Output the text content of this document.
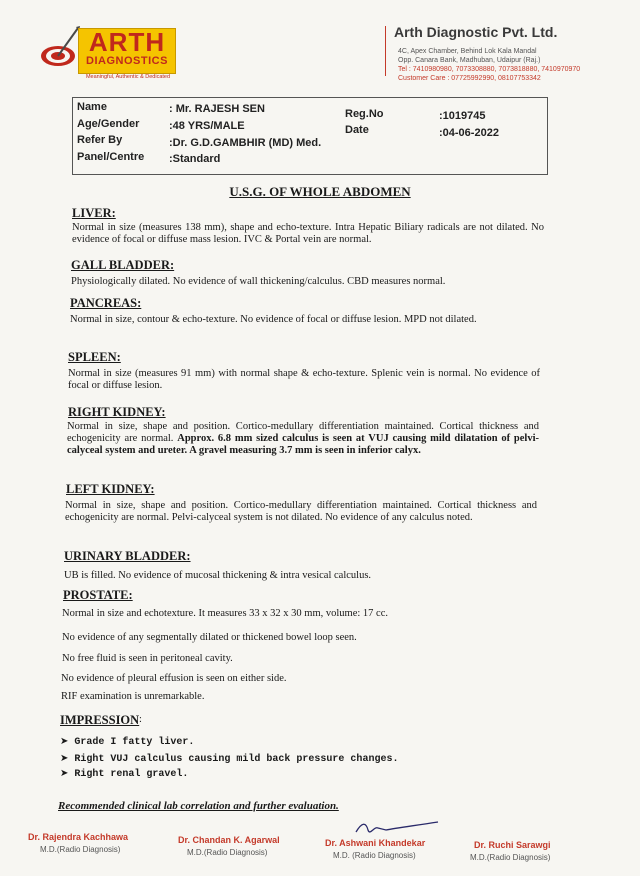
ARTH
DIAGNOSTICS
Meaningful, Authentic & Dedicated
Arth Diagnostic Pvt. Ltd.
4C, Apex Chamber, Behind Lok Kala Mandal
Opp. Canara Bank, Madhuban, Udaipur (Raj.)
Tel : 7410980980, 7073308880, 7073818880, 7410970970
Customer Care : 07725992990, 08107753342
Name	: Mr. RAJESH SEN
Age/Gender	:48 YRS/MALE
Refer By	:Dr. G.D.GAMBHIR (MD) Med.
Panel/Centre :Standard
Reg.No	:1019745
Date	:04-06-2022
U.S.G. OF WHOLE ABDOMEN
LIVER:
Normal in size (measures 138 mm), shape and echo-texture. Intra Hepatic Biliary radicals are not dilated. No evidence of focal or diffuse mass lesion. IVC & Portal vein are normal.
GALL BLADDER:
Physiologically dilated. No evidence of wall thickening/calculus. CBD measures normal.
PANCREAS:
Normal in size, contour & echo-texture. No evidence of focal or diffuse lesion. MPD not dilated.
SPLEEN:
Normal in size (measures 91 mm) with normal shape & echo-texture. Splenic vein is normal. No evidence of focal or diffuse lesion.
RIGHT KIDNEY:
Normal in size, shape and position. Cortico-medullary differentiation maintained. Cortical thickness and echogenicity are normal. Approx. 6.8 mm sized calculus is seen at VUJ causing mild dilatation of pelvi-calyceal system and ureter. A gravel measuring 3.7 mm is seen in inferior calyx.
LEFT KIDNEY:
Normal in size, shape and position. Cortico-medullary differentiation maintained. Cortical thickness and echogenicity are normal. Pelvi-calyceal system is not dilated. No evidence of any calculus noted.
URINARY BLADDER:
UB is filled. No evidence of mucosal thickening & intra vesical calculus.
PROSTATE:
Normal in size and echotexture. It measures 33 x 32 x 30 mm, volume: 17 cc.
No evidence of any segmentally dilated or thickened bowel loop seen.
No free fluid is seen in peritoneal cavity.
No evidence of pleural effusion is seen on either side.
RIF examination is unremarkable.
IMPRESSION :
➤ Grade I fatty liver.
➤ Right VUJ calculus causing mild back pressure changes.
➤ Right renal gravel.
Recommended clinical lab correlation and further evaluation.
Dr. Rajendra Kachhawa
M.D.(Radio Diagnosis)
Dr. Chandan K. Agarwal
M.D.(Radio Diagnosis)
Dr. Ashwani Khandekar
M.D. (Radio Diagnosis)
Dr. Ruchi Sarawgi
M.D.(Radio Diagnosis)
